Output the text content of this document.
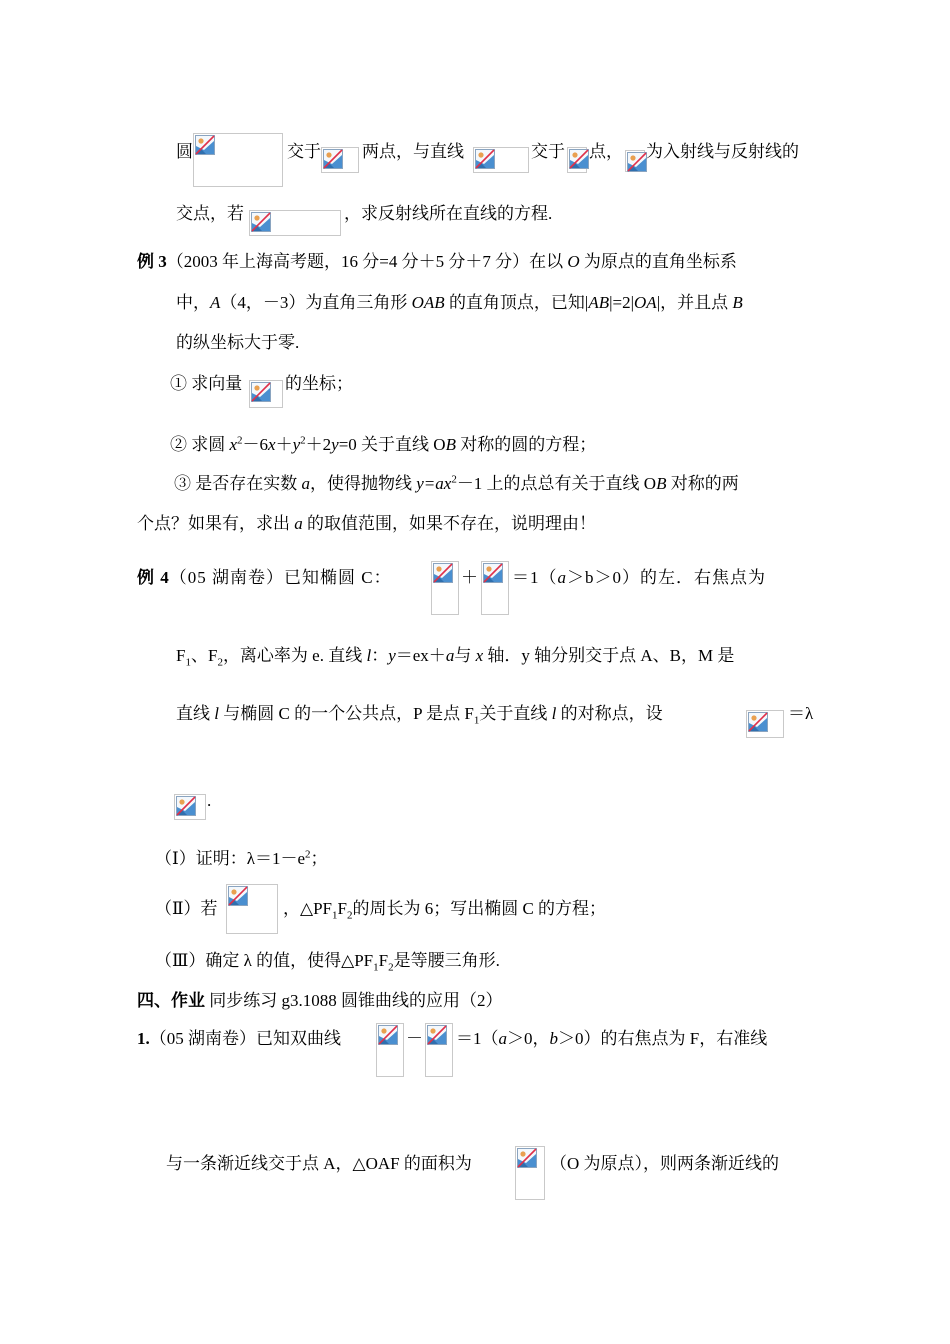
圆	交于 两点，与直线	交于 点， 为入射线与反射线的
交点，若	，求反射线所在直线的方程.
例 3（2003 年上海高考题，16 分=4 分＋5 分＋7 分）在以 O 为原点的直角坐标系
中，A（4，－3）为直角三角形 OAB 的直角顶点，已知|AB|=2|OA|，并且点 B
的纵坐标大于零.
① 求向量	的坐标；
② 求圆 $x^2-6x+y^2+2y=0$ 关于直线 OB 对称的圆的方程；
③ 是否存在实数 a，使得抛物线 $y=ax^2-1$ 上的点总有关于直线 OB 对称的两
个点？如果有，求出 a 的取值范围，如果不存在，说明理由！
例 4（05 湖南卷）已知椭圆 C：	＋ ＝1（a＞b＞0）的左．右焦点为
$F_1$、$F_2$，离心率为 e. 直线 l：y＝ex＋a与 x 轴．y 轴分别交于点 A、B，M 是
直线 l 与椭圆 C 的一个公共点，P 是点 $F_1$关于直线 l 的对称点，设	＝λ
.
（Ⅰ）证明：$\lambda=1-e^2$；
（Ⅱ）若	，$\triangle PF_1F_2$的周长为 6；写出椭圆 C 的方程；
（Ⅲ）确定 λ 的值，使得$\triangle PF_1F_2$是等腰三角形.
四、作业 同步练习 g3.1088 圆锥曲线的应用（2）
1.（05 湖南卷）已知双曲线	－ ＝1（a＞0，b＞0）的右焦点为 F，右准线
与一条渐近线交于点 A，△OAF 的面积为	（O 为原点），则两条渐近线的
